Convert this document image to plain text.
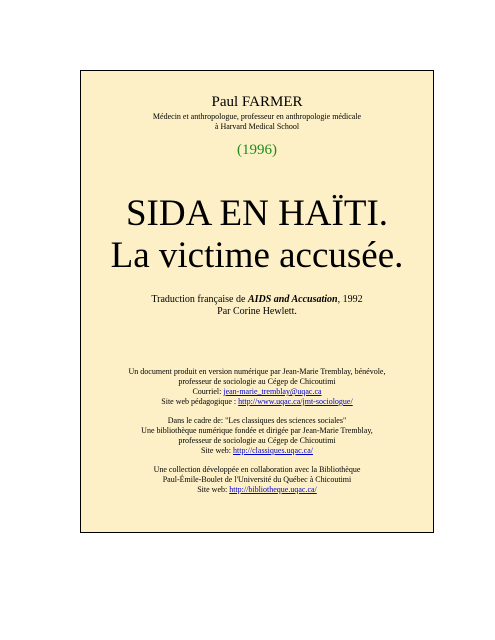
Paul FARMER
Médecin et anthropologue, professeur en anthropologie médicale
à Harvard Medical School
(1996)
SIDA EN HAÏTI.
La victime accusée.
Traduction française de AIDS and Accusation, 1992
Par Corine Hewlett.
Un document produit en version numérique par Jean-Marie Tremblay, bénévole,
professeur de sociologie au Cégep de Chicoutimi
Courriel: jean-marie_tremblay@uqac.ca
Site web pédagogique : http://www.uqac.ca/jmt-sociologue/
Dans le cadre de: "Les classiques des sciences sociales"
Une bibliothèque numérique fondée et dirigée par Jean-Marie Tremblay,
professeur de sociologie au Cégep de Chicoutimi
Site web: http://classiques.uqac.ca/
Une collection développée en collaboration avec la Bibliothèque
Paul-Émile-Boulet de l'Université du Québec à Chicoutimi
Site web: http://bibliotheque.uqac.ca/
